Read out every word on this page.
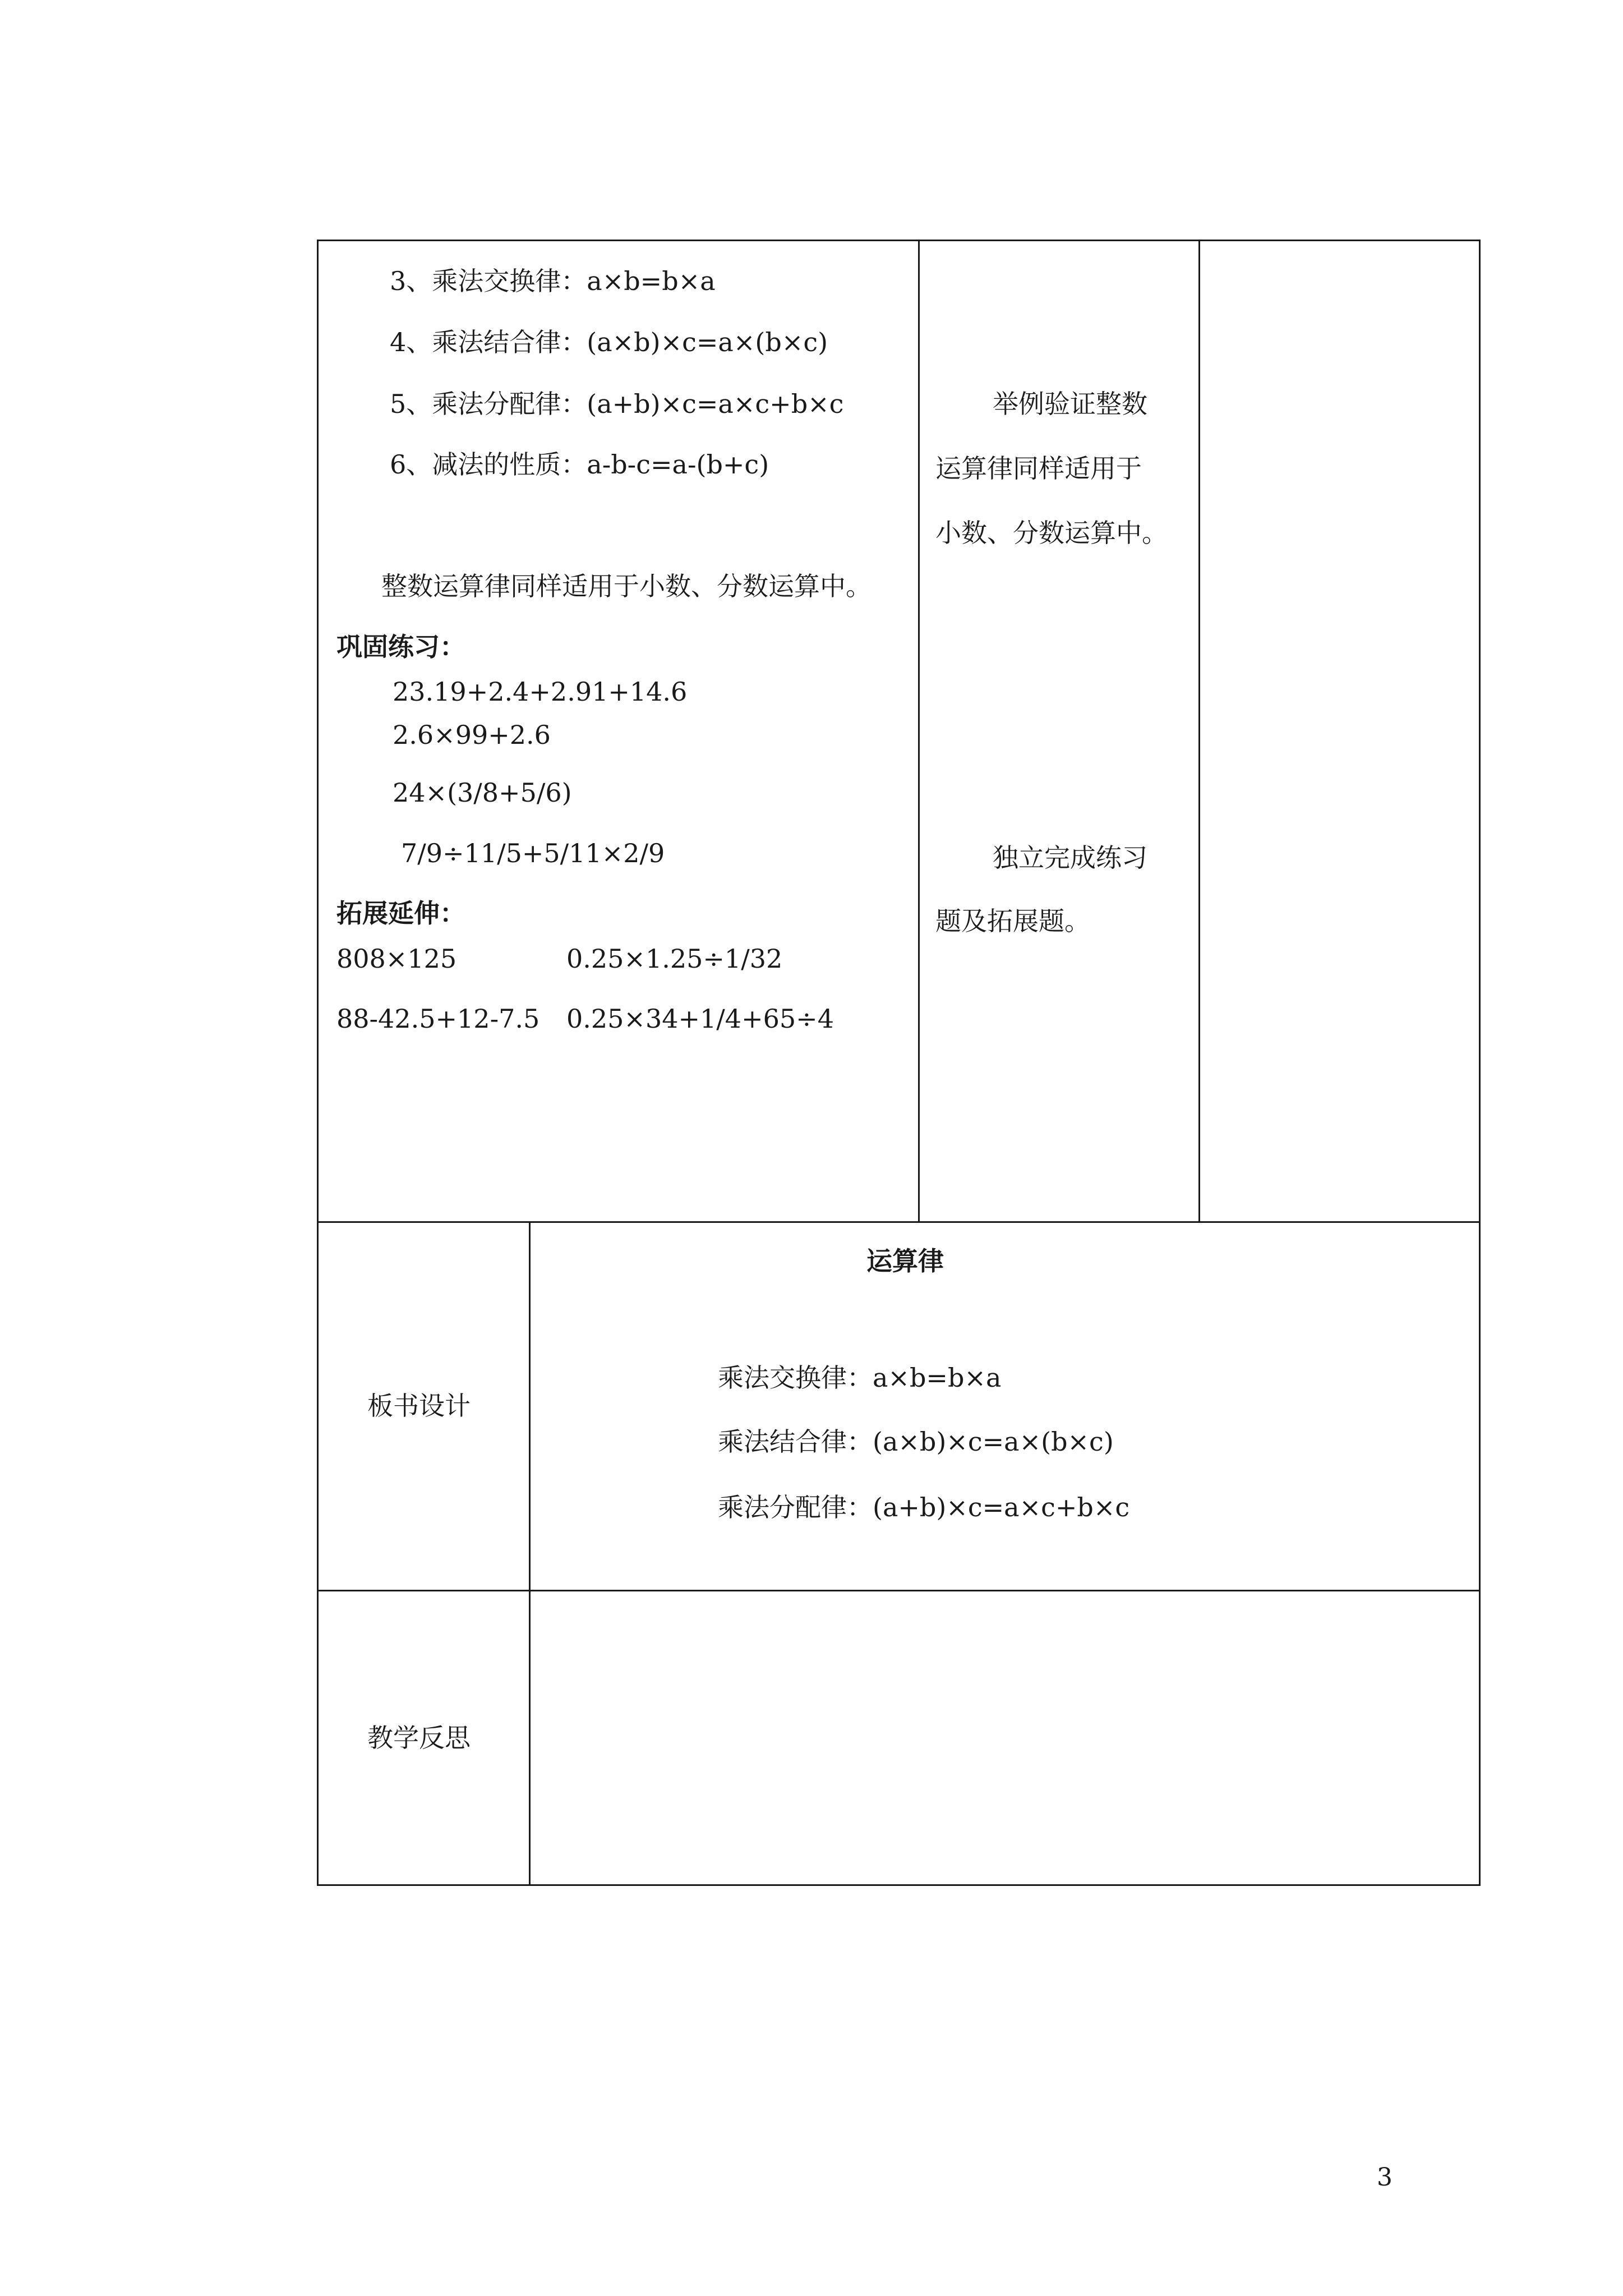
3、乘法交换律：a×b=b×a
4、乘法结合律：(a×b)×c=a×(b×c)
5、乘法分配律：(a+b)×c=a×c+b×c
6、减法的性质：a-b-c=a-(b+c)
整数运算律同样适用于小数、分数运算中。
巩固练习：
23.19+2.4+2.91+14.6
2.6×99+2.6
24×(3/8+5/6)
7/9÷11/5+5/11×2/9
拓展延伸：
808×125	0.25×1.25÷1/32
88-42.5+12-7.5 0.25×34+1/4+65÷4
举例验证整数
运算律同样适用于
小数、分数运算中。
独立完成练习
题及拓展题。
板书设计
运算律
乘法交换律：a×b=b×a
乘法结合律：(a×b)×c=a×(b×c)
乘法分配律：(a+b)×c=a×c+b×c
教学反思
3
